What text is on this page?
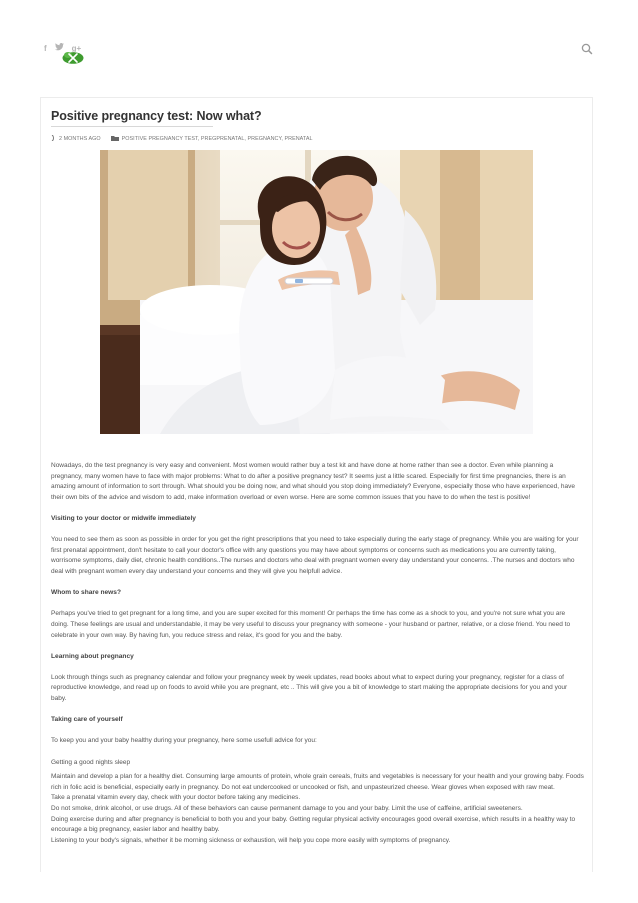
f	g+
Positive pregnancy test: Now what?
2 MONTHS AGO	POSITIVE PREGNANCY TEST, PREGPRENATAL, PREGNANCY, PRENATAL

Nowadays, do the test pregnancy is very easy and convenient. Most women would rather buy a test kit and have done at home rather than see a doctor. Even while planning a pregnancy, many women have to face with major problems: What to do after a positive pregnancy test? It seems just a little scared. Especially for first time pregnancies, there is an amazing amount of information to sort through. What should you be doing now, and what should you stop doing immediately? Everyone, especially those who have experienced, have their own bits of the advice and wisdom to add, make information overload or even worse. Here are some common issues that you have to do when the test is positive!

Visiting to your doctor or midwife immediately

You need to see them as soon as possible in order for you get the right prescriptions that you need to take especially during the early stage of pregnancy. While you are waiting for your first prenatal appointment, don't hesitate to call your doctor's office with any questions you may have about symptoms or concerns such as medications you are currently taking, worrisome symptoms, daily diet, chronic health conditions..The nurses and doctors who deal with pregnant women every day understand your concerns. .The nurses and doctors who deal with pregnant women every day understand your concerns and they will give you helpfull advice.

Whom to share news?

Perhaps you've tried to get pregnant for a long time, and you are super excited for this moment! Or perhaps the time has come as a shock to you, and you're not sure what you are doing. These feelings are usual and understandable, it may be very useful to discuss your pregnancy with someone - your husband or partner, relative, or a close friend. You need to celebrate in your own way. By having fun, you reduce stress and relax, it's good for you and the baby.

Learning about pregnancy

Look through things such as pregnancy calendar and follow your pregnancy week by week updates, read books about what to expect during your pregnancy, register for a class of reproductive knowledge, and read up on foods to avoid while you are pregnant, etc .. This will give you a bit of knowledge to start making the appropriate decisions for you and your baby.

Taking care of yourself

To keep you and your baby healthy during your pregnancy, here some usefull advice for you:

Getting a good nights sleep

Maintain and develop a plan for a healthy diet. Consuming large amounts of protein, whole grain cereals, fruits and vegetables is necessary for your health and your growing baby. Foods rich in folic acid is beneficial, especially early in pregnancy. Do not eat undercooked or uncooked or fish, and unpasteurized cheese. Wear gloves when exposed with raw meat.

Take a prenatal vitamin every day, check with your doctor before taking any medicines.

Do not smoke, drink alcohol, or use drugs. All of these behaviors can cause permanent damage to you and your baby. Limit the use of caffeine, artificial sweeteners.

Doing exercise during and after pregnancy is beneficial to both you and your baby. Getting regular physical activity encourages good overall exercise, which results in a healthy way to encourage a big pregnancy, easier labor and healthy baby.

Listening to your body's signals, whether it be morning sickness or exhaustion, will help you cope more easily with symptoms of pregnancy.
